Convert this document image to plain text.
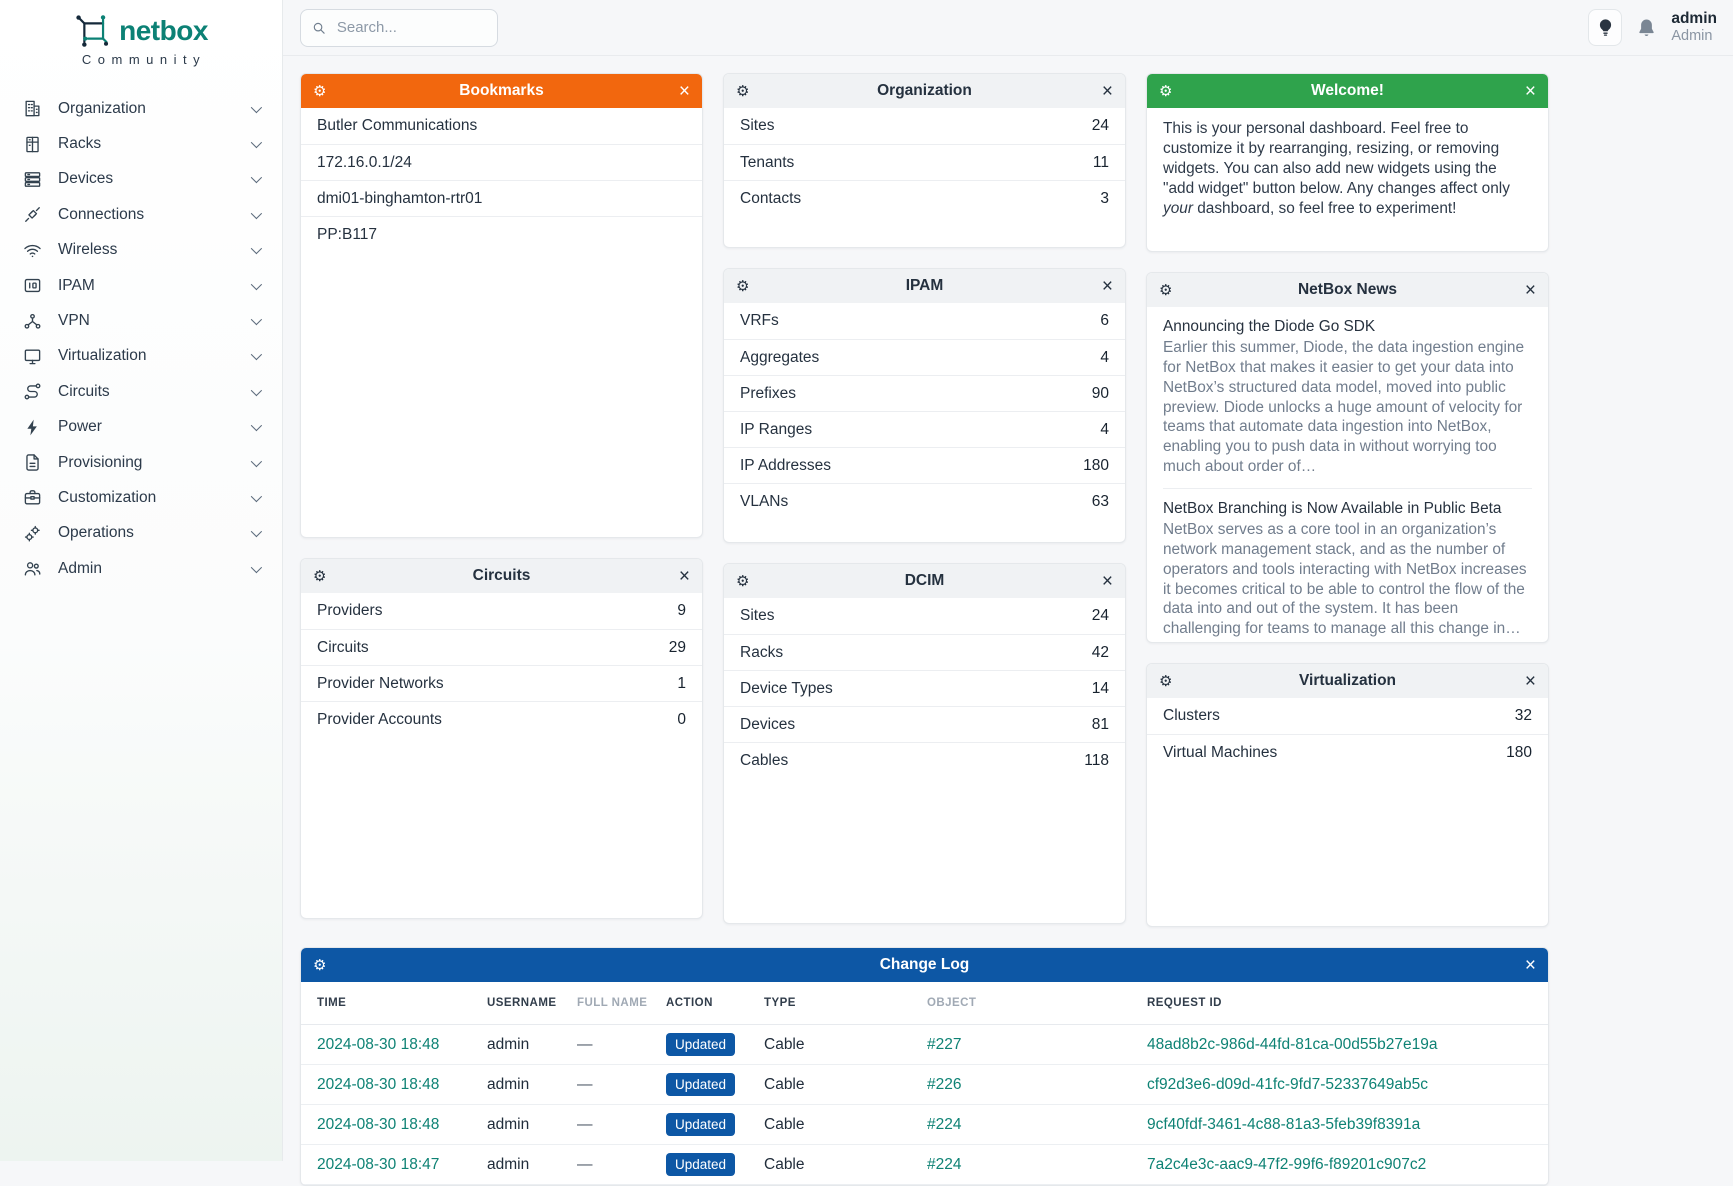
netbox
Community
Organization
Racks
Devices
Connections
Wireless
IPAM
VPN
Virtualization
Circuits
Power
Provisioning
Customization
Operations
Admin
Search...
admin
Admin
⚙	Bookmarks	×
Butler Communications
172.16.0.1/24
dmi01-binghamton-rtr01
PP:B117
⚙	Circuits	×
Providers	9
Circuits	29
Provider Networks	1
Provider Accounts	0
⚙	Organization	×
Sites	24
Tenants	11
Contacts	3
⚙	IPAM	×
VRFs	6
Aggregates	4
Prefixes	90
IP Ranges	4
IP Addresses	180
VLANs	63
⚙	DCIM	×
Sites	24
Racks	42
Device Types	14
Devices	81
Cables	118
⚙	Welcome!	×
This is your personal dashboard. Feel free to customize it by rearranging, resizing, or removing widgets. You can also add new widgets using the "add widget" button below. Any changes affect only your dashboard, so feel free to experiment!
⚙	NetBox News	×
Announcing the Diode Go SDK
Earlier this summer, Diode, the data ingestion engine for NetBox that makes it easier to get your data into NetBox’s structured data model, moved into public preview. Diode unlocks a huge amount of velocity for teams that automate data ingestion into NetBox, enabling you to push data in without worrying too much about order of…
NetBox Branching is Now Available in Public Beta
NetBox serves as a core tool in an organization’s network management stack, and as the number of operators and tools interacting with NetBox increases it becomes critical to be able to control the flow of the data into and out of the system. It has been challenging for teams to manage all this change in…
⚙	Virtualization	×
Clusters	32
Virtual Machines	180
⚙	Change Log	×
TIME	USERNAME	FULL NAME	ACTION	TYPE	OBJECT	REQUEST ID
2024-08-30 18:48	admin	—	Updated	Cable	#227	48ad8b2c-986d-44fd-81ca-00d55b27e19a
2024-08-30 18:48	admin	—	Updated	Cable	#226	cf92d3e6-d09d-41fc-9fd7-52337649ab5c
2024-08-30 18:48	admin	—	Updated	Cable	#224	9cf40fdf-3461-4c88-81a3-5feb39f8391a
2024-08-30 18:47	admin	—	Updated	Cable	#224	7a2c4e3c-aac9-47f2-99f6-f89201c907c2
